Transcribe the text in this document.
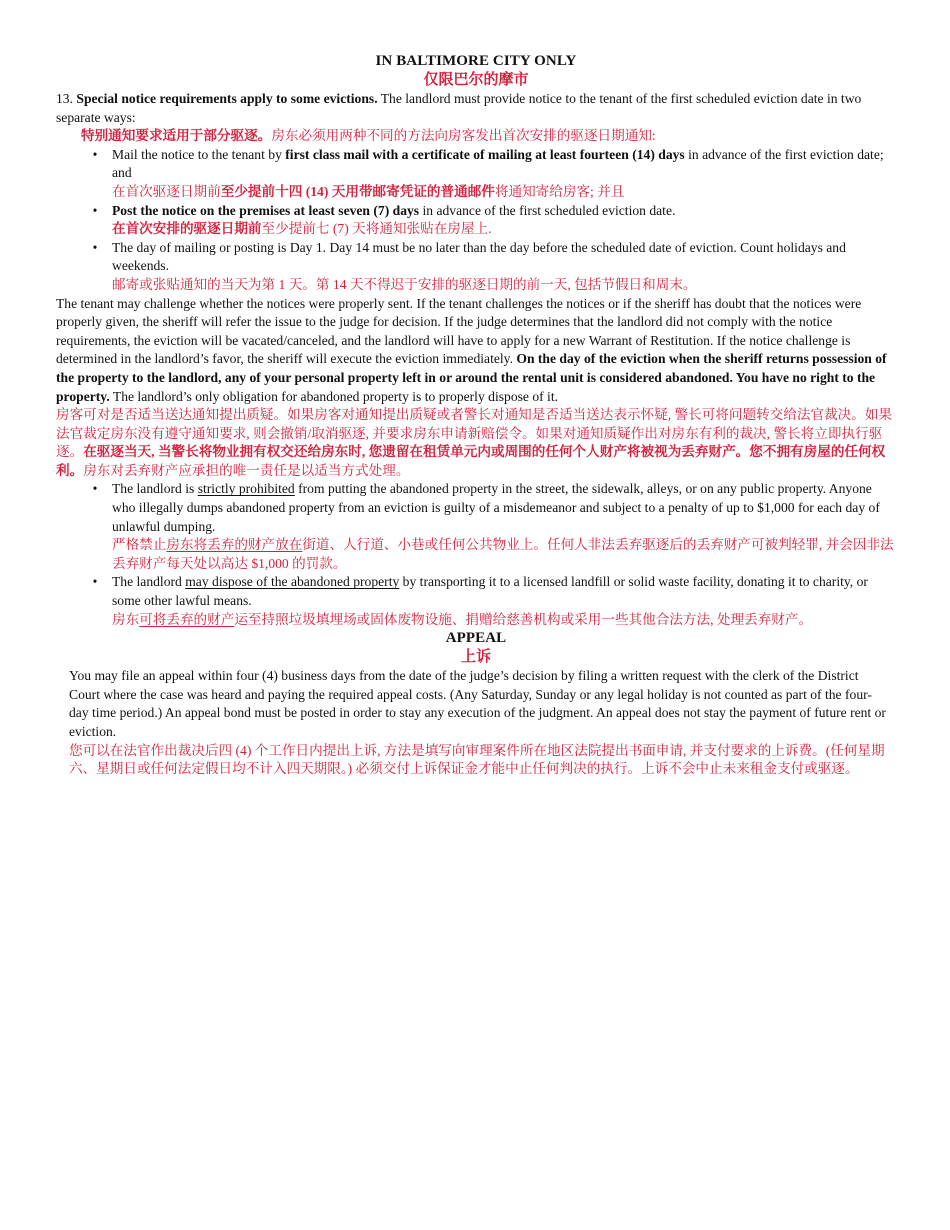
IN BALTIMORE CITY ONLY
仅限巴尔的摩市

13. Special notice requirements apply to some evictions. The landlord must provide notice to the tenant of the first scheduled eviction date in two separate ways:

特别通知要求适用于部分驱逐。房东必须用两种不同的方法向房客发出首次安排的驱逐日期通知:

• Mail the notice to the tenant by first class mail with a certificate of mailing at least fourteen (14) days in advance of the first eviction date; and

在首次驱逐日期前至少提前十四 (14) 天用带邮寄凭证的普通邮件将通知寄给房客; 并且

• Post the notice on the premises at least seven (7) days in advance of the first scheduled eviction date.

在首次安排的驱逐日期前至少提前七 (7) 天将通知张贴在房屋上.

• The day of mailing or posting is Day 1. Day 14 must be no later than the day before the scheduled date of eviction. Count holidays and weekends.

邮寄或张贴通知的当天为第 1 天。第 14 天不得迟于安排的驱逐日期的前一天, 包括节假日和周末。

The tenant may challenge whether the notices were properly sent. If the tenant challenges the notices or if the sheriff has doubt that the notices were properly given, the sheriff will refer the issue to the judge for decision. If the judge determines that the landlord did not comply with the notice requirements, the eviction will be vacated/canceled, and the landlord will have to apply for a new Warrant of Restitution. If the notice challenge is determined in the landlord’s favor, the sheriff will execute the eviction immediately. On the day of the eviction when the sheriff returns possession of the property to the landlord, any of your personal property left in or around the rental unit is considered abandoned. You have no right to the property. The landlord’s only obligation for abandoned property is to properly dispose of it.

房客可对是否适当送达通知提出质疑。如果房客对通知提出质疑或者警长对通知是否适当送达表示怀疑, 警长可将问题转交给法官裁决。如果法官裁定房东没有遵守通知要求, 则会撤销/取消驱逐, 并要求房东申请新赔偿令。如果对通知质疑作出对房东有利的裁决, 警长将立即执行驱逐。在驱逐当天, 当警长将物业拥有权交还给房东时, 您遗留在租赁单元内或周围的任何个人财产将被视为丢弃财产。您不拥有房屋的任何权利。房东对丢弃财产应承担的唯一责任是以适当方式处理。

• The landlord is strictly prohibited from putting the abandoned property in the street, the sidewalk, alleys, or on any public property. Anyone who illegally dumps abandoned property from an eviction is guilty of a misdemeanor and subject to a penalty of up to $1,000 for each day of unlawful dumping.

严格禁止房东将丢弃的财产放在街道、人行道、小巷或任何公共物业上。任何人非法丢弃驱逐后的丢弃财产可被判轻罪, 并会因非法丢弃财产每天处以高达 $1,000 的罚款。

• The landlord may dispose of the abandoned property by transporting it to a licensed landfill or solid waste facility, donating it to charity, or some other lawful means.

房东可将丢弃的财产运至持照垃圾填埋场或固体废物设施、捐赠给慈善机构或采用一些其他合法方法, 处理丢弃财产。

APPEAL
上诉

You may file an appeal within four (4) business days from the date of the judge’s decision by filing a written request with the clerk of the District Court where the case was heard and paying the required appeal costs. (Any Saturday, Sunday or any legal holiday is not counted as part of the four-day time period.) An appeal bond must be posted in order to stay any execution of the judgment. An appeal does not stay the payment of future rent or eviction.

您可以在法官作出裁决后四 (4) 个工作日内提出上诉, 方法是填写向审理案件所在地区法院提出书面申请, 并支付要求的上诉费。(任何星期六、星期日或任何法定假日均不计入四天期限。) 必须交付上诉保证金才能中止任何判决的执行。上诉不会中止未来租金支付或驱逐。
